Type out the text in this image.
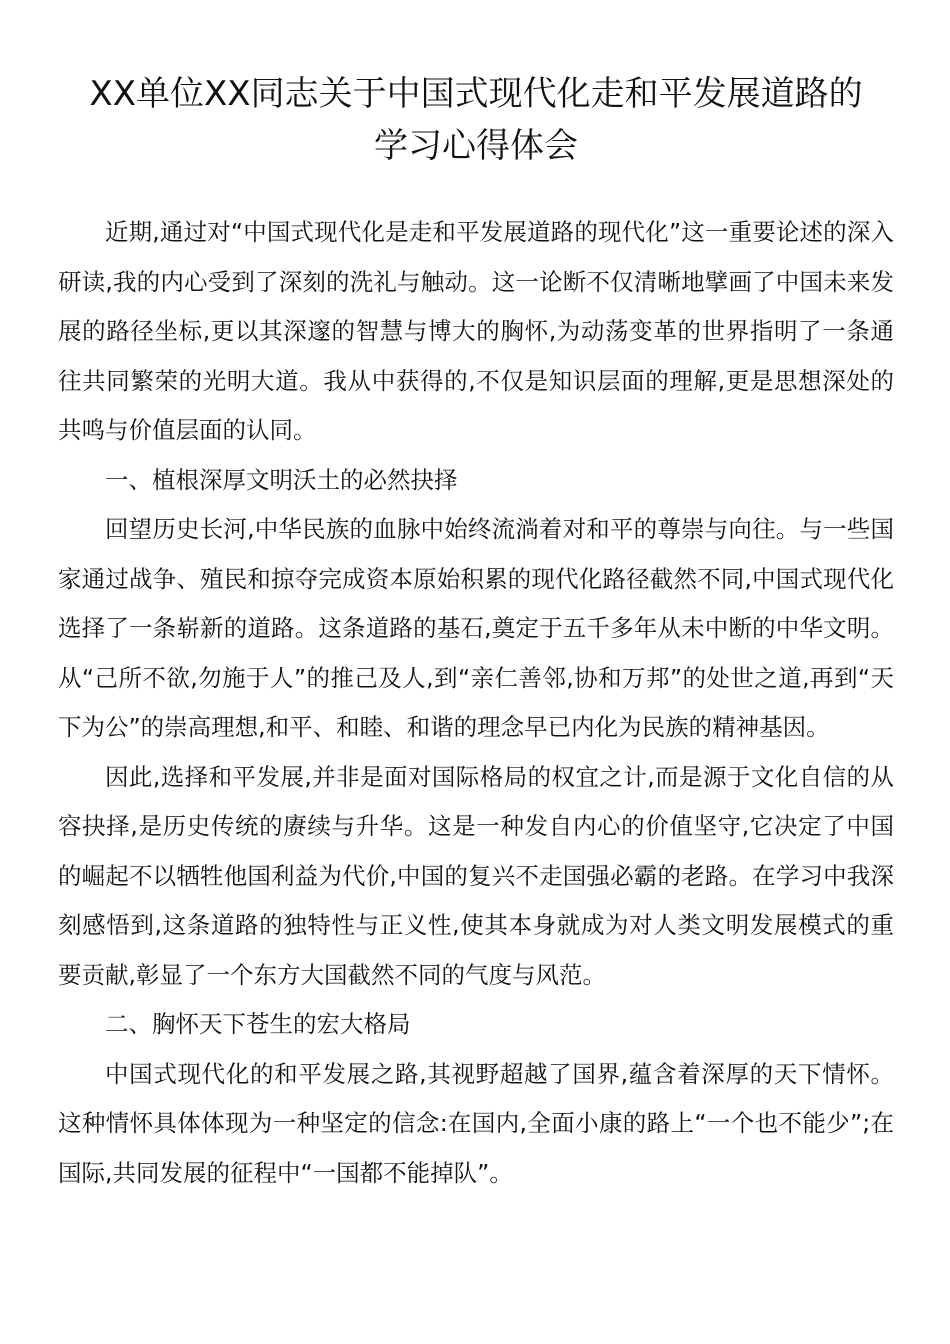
XX单位XX同志关于中国式现代化走和平发展道路的
学习心得体会

近期,通过对“中国式现代化是走和平发展道路的现代化”这一重要论述的深入研读,我的内心受到了深刻的洗礼与触动。这一论断不仅清晰地擘画了中国未来发展的路径坐标,更以其深邃的智慧与博大的胸怀,为动荡变革的世界指明了一条通往共同繁荣的光明大道。我从中获得的,不仅是知识层面的理解,更是思想深处的共鸣与价值层面的认同。

一、植根深厚文明沃土的必然抉择

回望历史长河,中华民族的血脉中始终流淌着对和平的尊崇与向往。与一些国家通过战争、殖民和掠夺完成资本原始积累的现代化路径截然不同,中国式现代化选择了一条崭新的道路。这条道路的基石,奠定于五千多年从未中断的中华文明。从“己所不欲,勿施于人”的推己及人,到“亲仁善邻,协和万邦”的处世之道,再到“天下为公”的崇高理想,和平、和睦、和谐的理念早已内化为民族的精神基因。

因此,选择和平发展,并非是面对国际格局的权宜之计,而是源于文化自信的从容抉择,是历史传统的赓续与升华。这是一种发自内心的价值坚守,它决定了中国的崛起不以牺牲他国利益为代价,中国的复兴不走国强必霸的老路。在学习中我深刻感悟到,这条道路的独特性与正义性,使其本身就成为对人类文明发展模式的重要贡献,彰显了一个东方大国截然不同的气度与风范。

二、胸怀天下苍生的宏大格局

中国式现代化的和平发展之路,其视野超越了国界,蕴含着深厚的天下情怀。这种情怀具体体现为一种坚定的信念:在国内,全面小康的路上“一个也不能少”;在国际,共同发展的征程中“一国都不能掉队”。
